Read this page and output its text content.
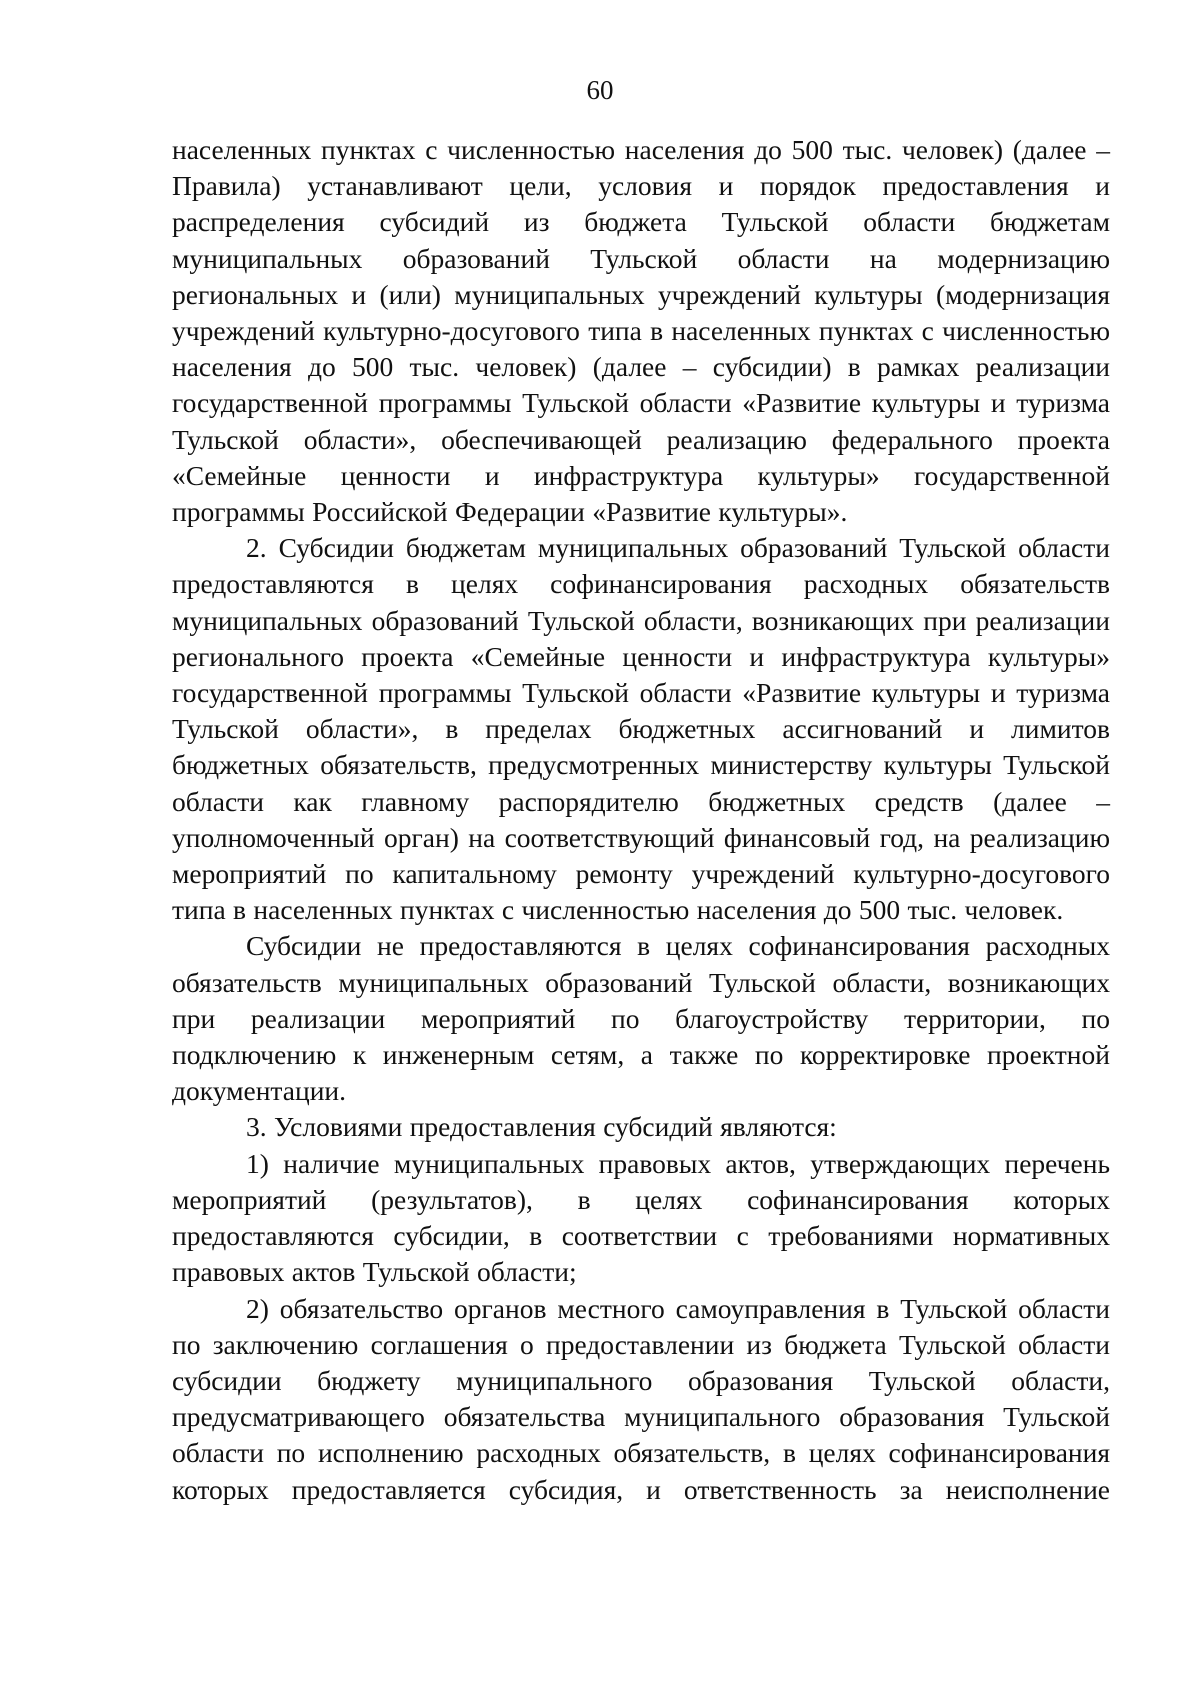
60

населенных пунктах с численностью населения до 500 тыс. человек) (далее – Правила) устанавливают цели, условия и порядок предоставления и распределения субсидий из бюджета Тульской области бюджетам муниципальных образований Тульской области на модернизацию региональных и (или) муниципальных учреждений культуры (модернизация учреждений культурно-досугового типа в населенных пунктах с численностью населения до 500 тыс. человек) (далее – субсидии) в рамках реализации государственной программы Тульской области «Развитие культуры и туризма Тульской области», обеспечивающей реализацию федерального проекта «Семейные ценности и инфраструктура культуры» государственной программы Российской Федерации «Развитие культуры».

2. Субсидии бюджетам муниципальных образований Тульской области предоставляются в целях софинансирования расходных обязательств муниципальных образований Тульской области, возникающих при реализации регионального проекта «Семейные ценности и инфраструктура культуры» государственной программы Тульской области «Развитие культуры и туризма Тульской области», в пределах бюджетных ассигнований и лимитов бюджетных обязательств, предусмотренных министерству культуры Тульской области как главному распорядителю бюджетных средств (далее – уполномоченный орган) на соответствующий финансовый год, на реализацию мероприятий по капитальному ремонту учреждений культурно-досугового типа в населенных пунктах с численностью населения до 500 тыс. человек.

Субсидии не предоставляются в целях софинансирования расходных обязательств муниципальных образований Тульской области, возникающих при реализации мероприятий по благоустройству территории, по подключению к инженерным сетям, а также по корректировке проектной документации.

3. Условиями предоставления субсидий являются:

1) наличие муниципальных правовых актов, утверждающих перечень мероприятий (результатов), в целях софинансирования которых предоставляются субсидии, в соответствии с требованиями нормативных правовых актов Тульской области;

2) обязательство органов местного самоуправления в Тульской области по заключению соглашения о предоставлении из бюджета Тульской области субсидии бюджету муниципального образования Тульской области, предусматривающего обязательства муниципального образования Тульской области по исполнению расходных обязательств, в целях софинансирования которых предоставляется субсидия, и ответственность за неисполнение
